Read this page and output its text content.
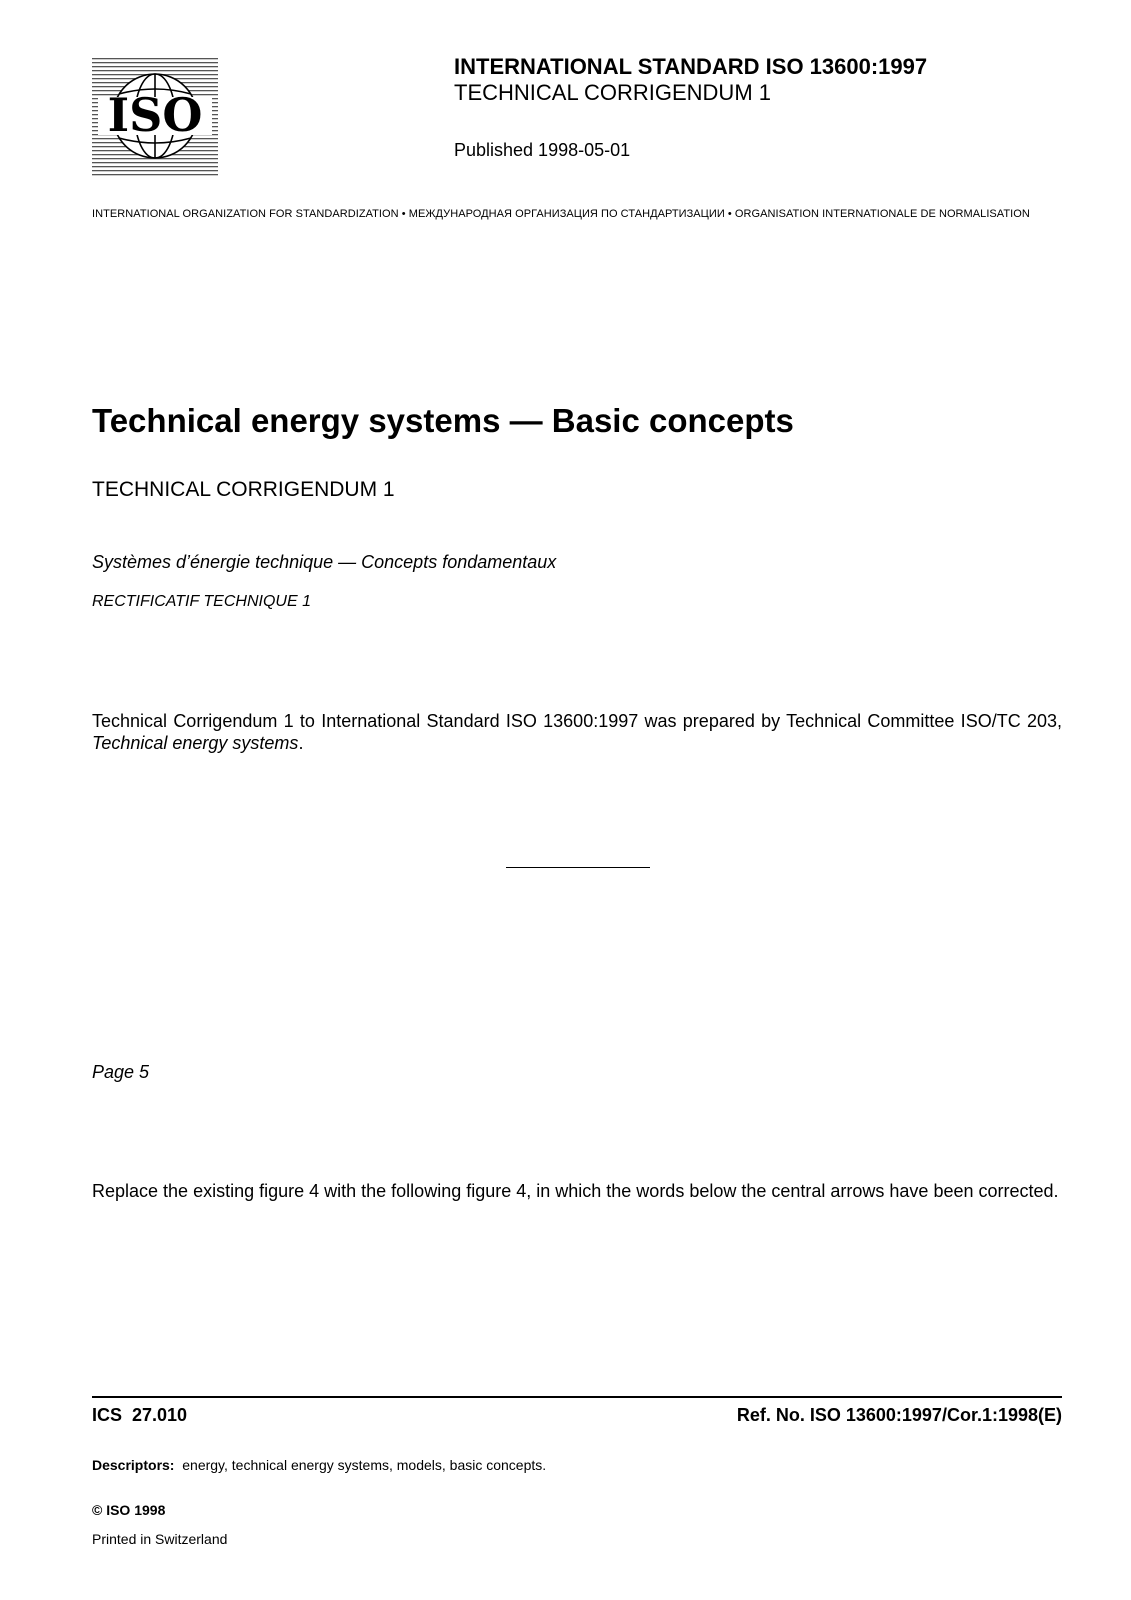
ISO
INTERNATIONAL STANDARD ISO 13600:1997
TECHNICAL CORRIGENDUM 1
Published 1998-05-01
INTERNATIONAL ORGANIZATION FOR STANDARDIZATION • МЕЖДУНАРОДНАЯ ОРГАНИЗАЦИЯ ПО СТАНДАРТИЗАЦИИ • ORGANISATION INTERNATIONALE DE NORMALISATION
Technical energy systems — Basic concepts
TECHNICAL CORRIGENDUM 1
Systèmes d’énergie technique — Concepts fondamentaux
RECTIFICATIF TECHNIQUE 1
Technical Corrigendum 1 to International Standard ISO 13600:1997 was prepared by Technical Committee ISO/TC 203, Technical energy systems.
Page 5
Replace the existing figure 4 with the following figure 4, in which the words below the central arrows have been corrected.
ICS 27.010	Ref. No. ISO 13600:1997/Cor.1:1998(E)
Descriptors: energy, technical energy systems, models, basic concepts.
© ISO 1998
Printed in Switzerland
